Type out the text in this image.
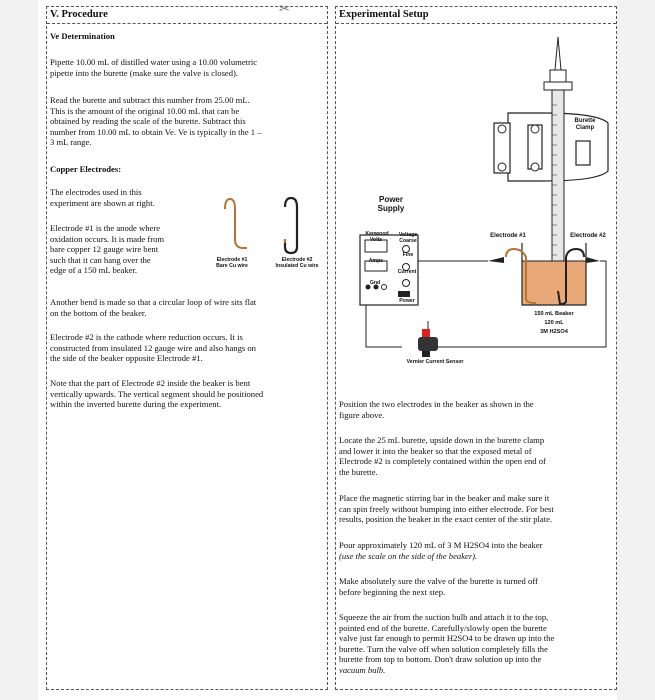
V. Procedure	✂
Ve Determination
Pipette 10.00 mL of distilled water using a 10.00 volumetric
pipette into the burette (make sure the valve is closed).
Read the burette and subtract this number from 25.00 mL.
This is the amount of the original 10.00 mL that can be
obtained by reading the scale of the burette. Subtract this
number from 10.00 mL to obtain Ve. Ve is typically in the 1 –
3 mL range.
Copper Electrodes:
The electrodes used in this
experiment are shown at right.
Electrode #1 is the anode where
oxidation occurs. It is made from
bare copper 12 gauge wire bent
such that it can hang over the
edge of a 150 mL beaker.
Electrode #1
Bare Cu wire
Electrode #2
Insulated Cu wire
Another bend is made so that a circular loop of wire sits flat
on the bottom of the beaker.
Electrode #2 is the cathode where reduction occurs. It is
constructed from insulated 12 gauge wire and also hangs on
the side of the beaker opposite Electrode #1.
Note that the part of Electrode #2 inside the beaker is bent
vertically upwards. The vertical segment should be positioned
within the inverted burette during the experiment.
Experimental Setup
Burette
Clamp
Power
Supply
Electrode #1	Electrode #2
Kenwood
Volts
Voltage
Coarse
Amps
Fine
Current
Gnd
Power
150 mL Beaker
120 mL
3M H2SO4
Vernier Current Sensor
Position the two electrodes in the beaker as shown in the
figure above.
Locate the 25 mL burette, upside down in the burette clamp
and lower it into the beaker so that the exposed metal of
Electrode #2 is completely contained within the open end of
the burette.
Place the magnetic stirring bar in the beaker and make sure it
can spin freely without bumping into either electrode. For best
results, position the beaker in the exact center of the stir plate.
Pour approximately 120 mL of 3 M H2SO4 into the beaker
(use the scale on the side of the beaker).
Make absolutely sure the valve of the burette is turned off
before beginning the next step.
Squeeze the air from the suction bulb and attach it to the top,
pointed end of the burette. Carefully/slowly open the burette
valve just far enough to permit H2SO4 to be drawn up into the
burette. Turn the valve off when solution completely fills the
burette from top to bottom. Don't draw solution up into the
vacuum bulb.
